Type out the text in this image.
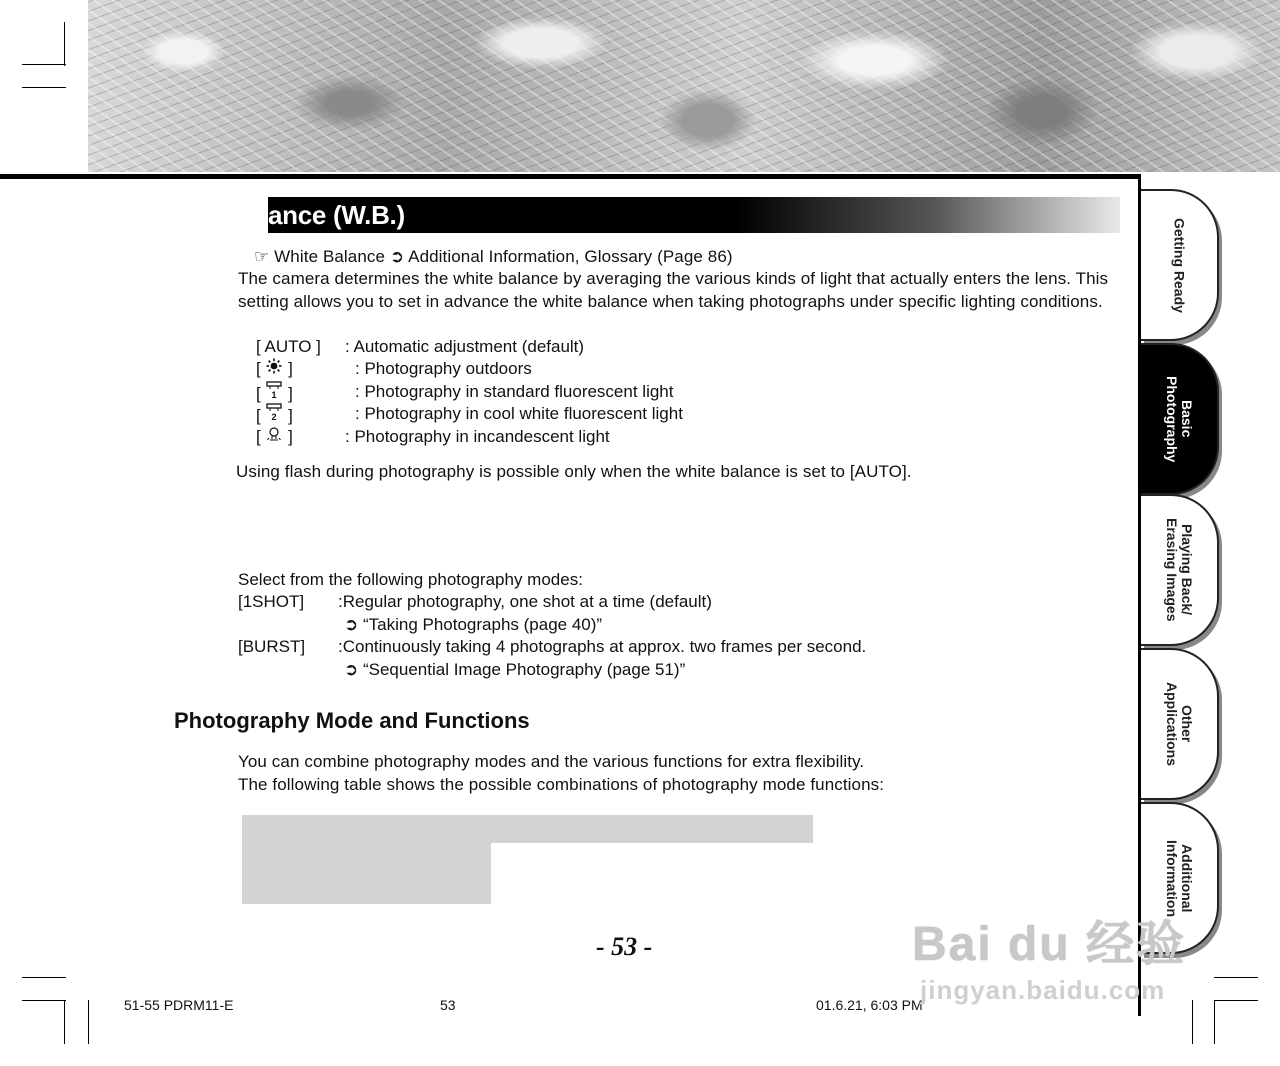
ance (W.B.)
☞ White Balance ➲ Additional Information, Glossary (Page 86)
The camera determines the white balance by averaging the various kinds of light that actually enters the lens. This setting allows you to set in advance the white balance when taking photographs under specific lighting conditions.
[ AUTO ] : Automatic adjustment (default)
[  ]	: Photography outdoors
[ 1 ]	: Photography in standard fluorescent light
[ 2 ]	: Photography in cool white fluorescent light
[  ]	: Photography in incandescent light
Using flash during photography is possible only when the white balance is set to [AUTO].
Select from the following photography modes:
[1SHOT] :Regular photography, one shot at a time (default)
➲ “Taking Photographs (page 40)”
[BURST] :Continuously taking 4 photographs at approx. two frames per second.
➲ “Sequential Image Photography (page 51)”
Photography Mode and Functions
You can combine photography modes and the various functions for extra flexibility.
The following table shows the possible combinations of photography mode functions:
- 53 -
51-55 PDRM11-E	53	01.6.21, 6:03 PM
Getting Ready
Basic
Photography
Playing Back/
Erasing Images
Other
Applications
Additional
Information
Bai du 经验
jingyan.baidu.com
